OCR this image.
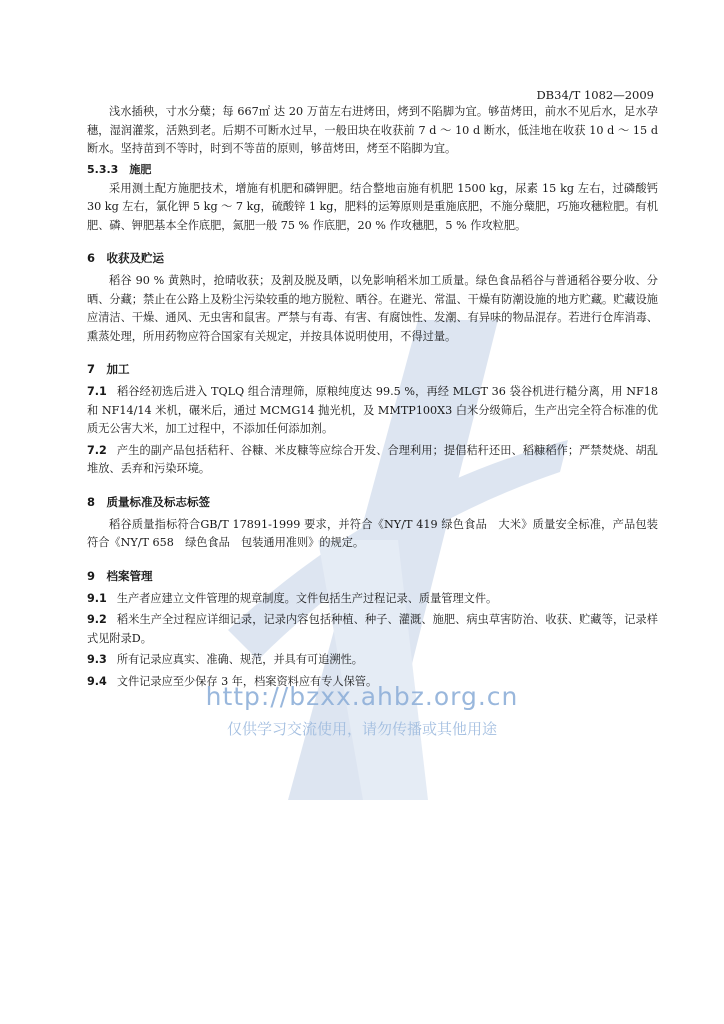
DB34/T 1082—2009

浅水插秧，寸水分蘖；每 667㎡ 达 20 万苗左右进烤田，烤到不陷脚为宜。够苗烤田，前水不见后水，足水孕穗，湿润灌浆，活熟到老。后期不可断水过早，一般田块在收获前 7 d ～ 10 d 断水，低洼地在收获 10 d ～ 15 d 断水。坚持苗到不等时，时到不等苗的原则，够苗烤田，烤至不陷脚为宜。

5.3.3　施肥

采用测土配方施肥技术，增施有机肥和磷钾肥。结合整地亩施有机肥 1500 kg，尿素 15 kg 左右，过磷酸钙 30 kg 左右，氯化钾 5 kg ～ 7 kg，硫酸锌 1 kg，肥料的运筹原则是重施底肥，不施分蘖肥，巧施攻穗粒肥。有机肥、磷、钾肥基本全作底肥，氮肥一般 75 % 作底肥，20 % 作攻穗肥，5 % 作攻粒肥。

6　收获及贮运

稻谷 90 % 黄熟时，抢晴收获；及割及脱及晒，以免影响稻米加工质量。绿色食品稻谷与普通稻谷要分收、分晒、分藏；禁止在公路上及粉尘污染较重的地方脱粒、晒谷。在避光、常温、干燥有防潮设施的地方贮藏。贮藏设施应清洁、干燥、通风、无虫害和鼠害。严禁与有毒、有害、有腐蚀性、发潮、有异味的物品混存。若进行仓库消毒、熏蒸处理，所用药物应符合国家有关规定，并按具体说明使用，不得过量。

7　加工

7.1 稻谷经初选后进入 TQLQ 组合清理筛，原粮纯度达 99.5 %，再经 MLGT 36 袋谷机进行糙分离，用 NF18 和 NF14/14 米机，碾米后，通过 MCMG14 抛光机，及 MMTP100X3 白米分级筛后，生产出完全符合标准的优质无公害大米，加工过程中，不添加任何添加剂。

7.2 产生的副产品包括秸秆、谷糠、米皮糠等应综合开发、合理利用；提倡秸秆还田、稻糠稻作；严禁焚烧、胡乱堆放、丢弃和污染环境。

8　质量标准及标志标签

稻谷质量指标符合GB/T 17891-1999 要求，并符合《NY/T 419 绿色食品　大米》质量安全标准，产品包装符合《NY/T 658　绿色食品　包装通用准则》的规定。

9　档案管理

9.1 生产者应建立文件管理的规章制度。文件包括生产过程记录、质量管理文件。

9.2 稻米生产全过程应详细记录，记录内容包括种植、种子、灌溉、施肥、病虫草害防治、收获、贮藏等，记录样式见附录D。

9.3 所有记录应真实、准确、规范，并具有可追溯性。

9.4 文件记录应至少保存 3 年，档案资料应有专人保管。

http://bzxx.ahbz.org.cn
仅供学习交流使用，请勿传播或其他用途
